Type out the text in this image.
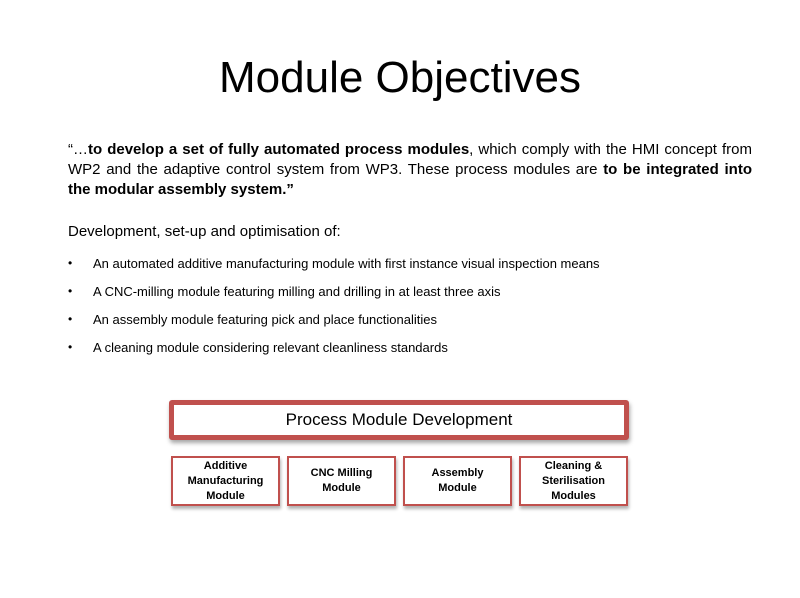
Module Objectives

“…to develop a set of fully automated process modules, which comply with the HMI concept from WP2 and the adaptive control system from WP3. These process modules are to be integrated into the modular assembly system.”

Development, set-up and optimisation of:

•	An automated additive manufacturing module with first instance visual inspection means
•	A CNC-milling module featuring milling and drilling in at least three axis
•	An assembly module featuring pick and place functionalities
•	A cleaning module considering relevant cleanliness standards
Process Module Development
Additive
Manufacturing
Module
CNC Milling
Module
Assembly
Module
Cleaning &
Sterilisation
Modules
